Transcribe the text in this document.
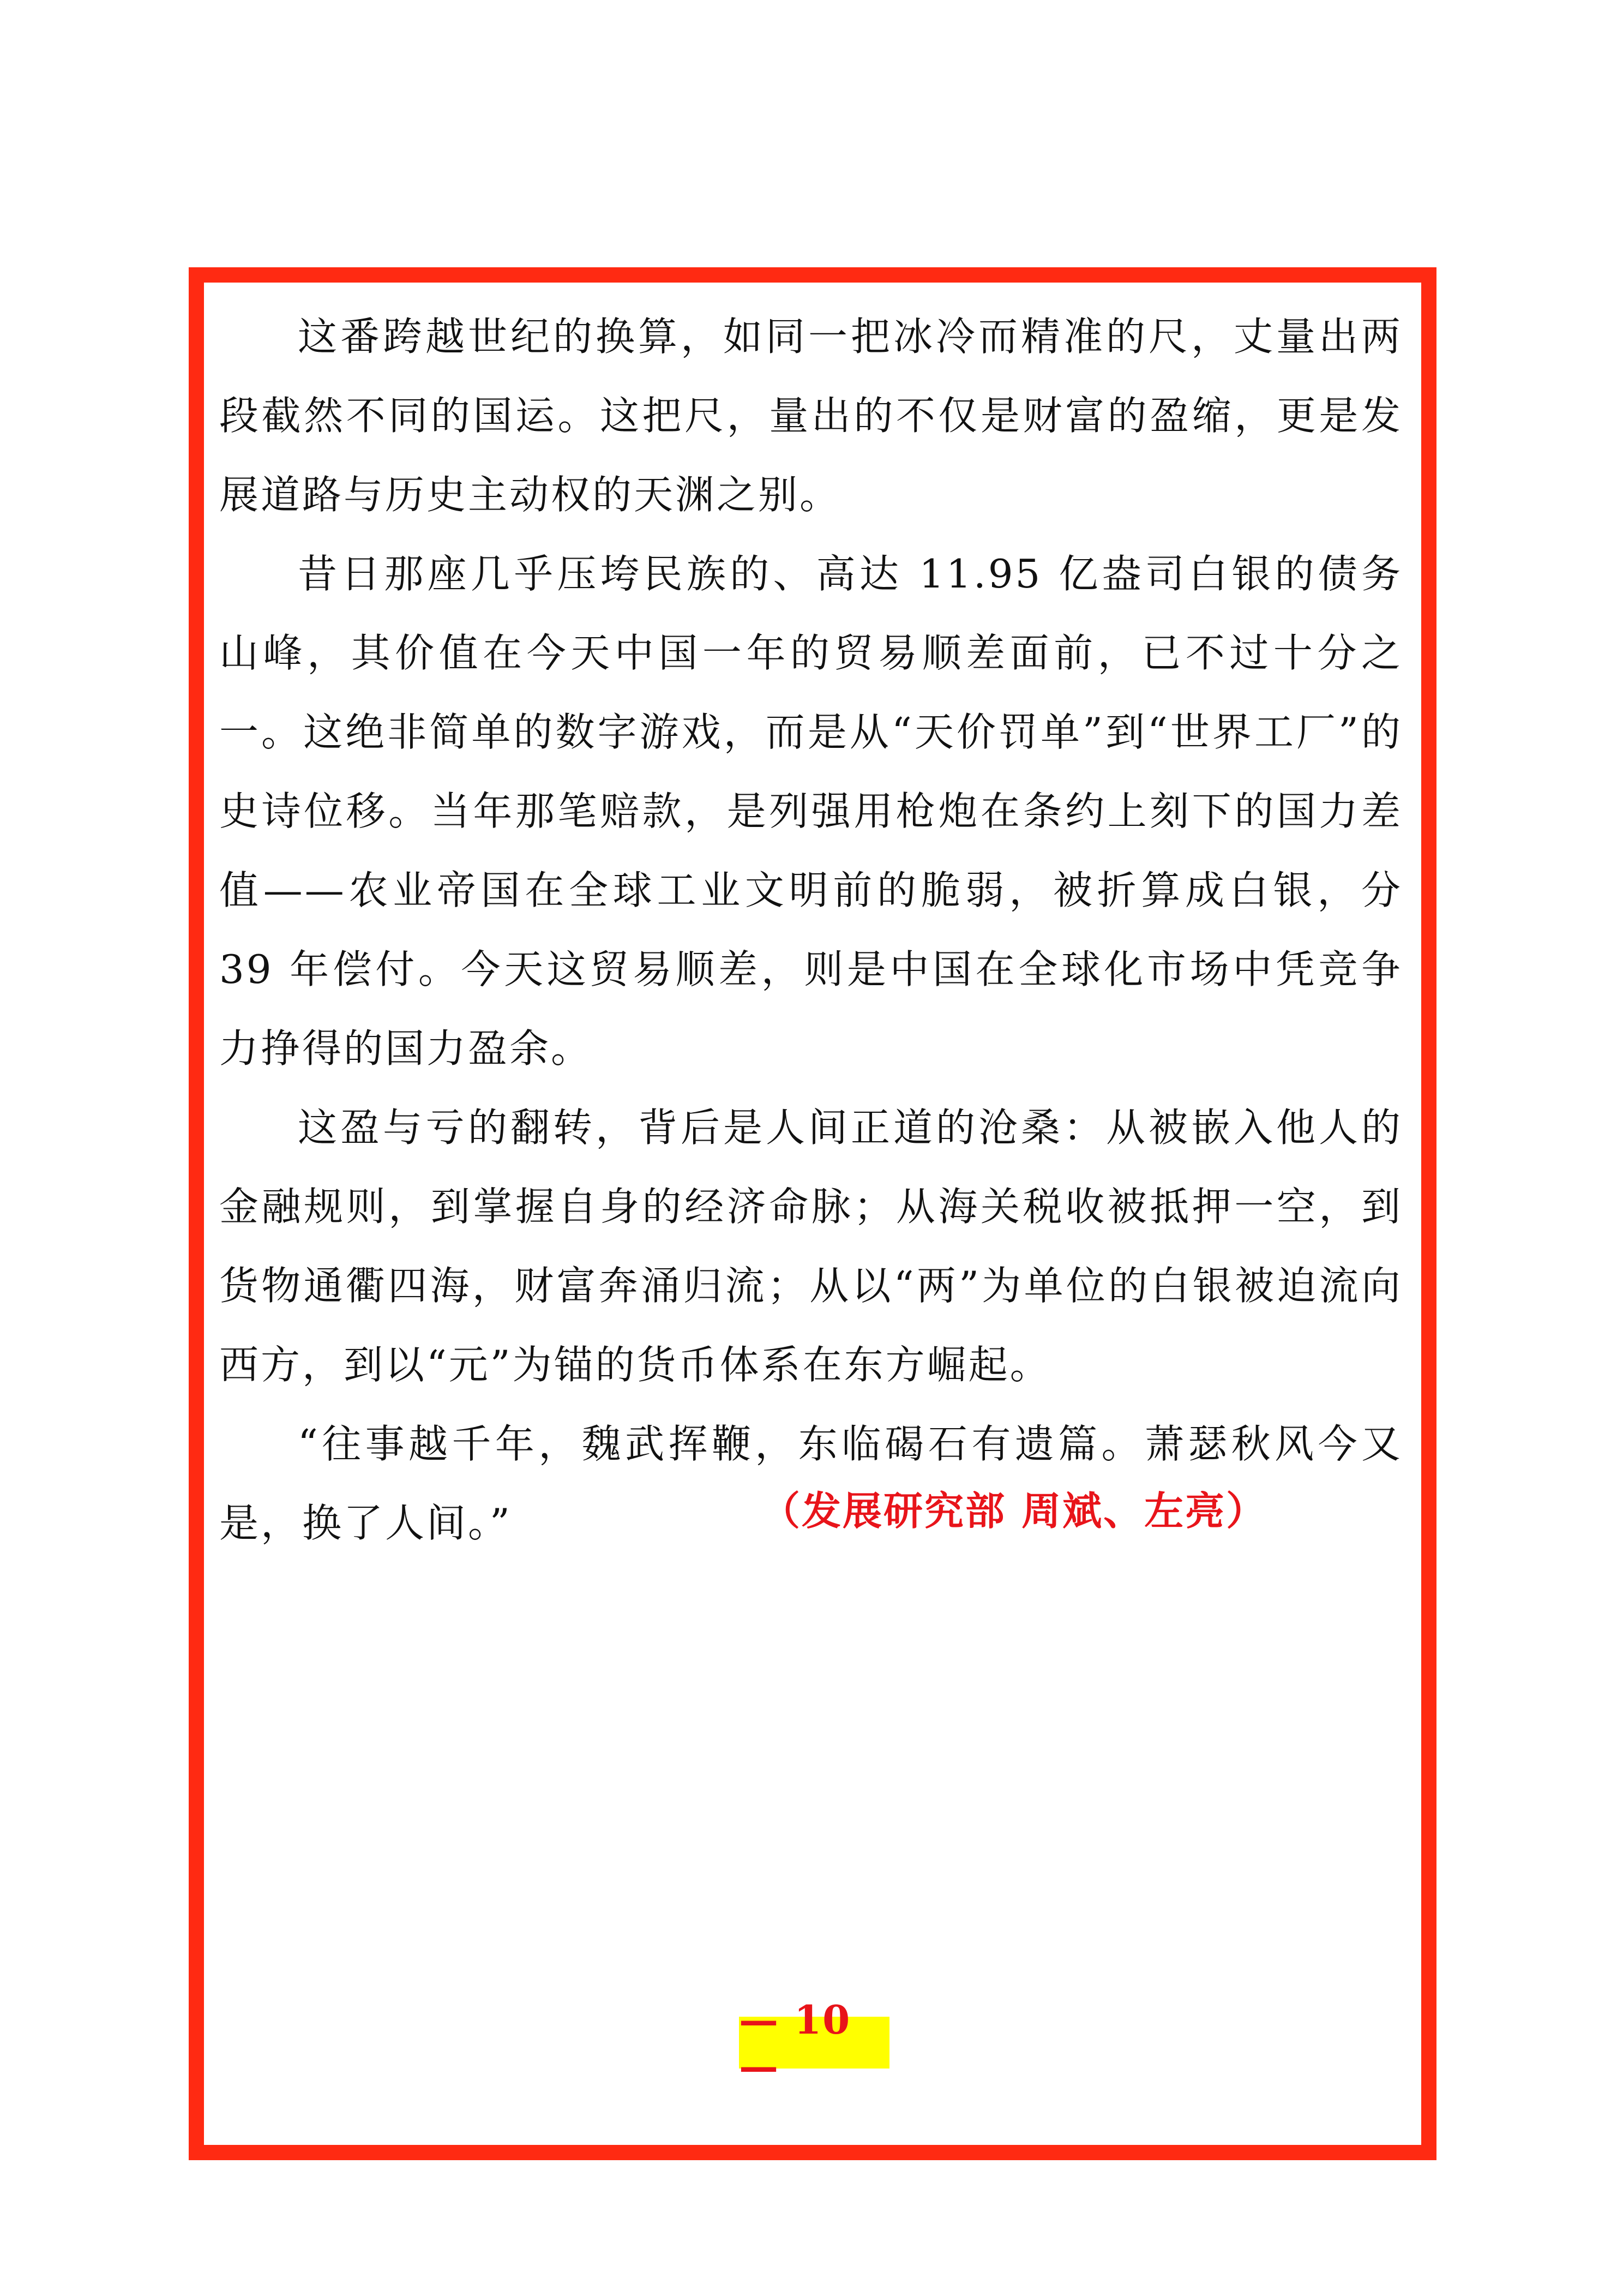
这番跨越世纪的换算，如同一把冰冷而精准的尺，丈量出两段截然不同的国运。这把尺，量出的不仅是财富的盈缩，更是发展道路与历史主动权的天渊之别。

昔日那座几乎压垮民族的、高达 11.95 亿盎司白银的债务山峰，其价值在今天中国一年的贸易顺差面前，已不过十分之一。这绝非简单的数字游戏，而是从“天价罚单”到“世界工厂”的史诗位移。当年那笔赔款，是列强用枪炮在条约上刻下的国力差值——农业帝国在全球工业文明前的脆弱，被折算成白银，分 39 年偿付。今天这贸易顺差，则是中国在全球化市场中凭竞争力挣得的国力盈余。

这盈与亏的翻转，背后是人间正道的沧桑：从被嵌入他人的金融规则，到掌握自身的经济命脉；从海关税收被抵押一空，到货物通衢四海，财富奔涌归流；从以“两”为单位的白银被迫流向西方，到以“元”为锚的货币体系在东方崛起。

“往事越千年，魏武挥鞭，东临碣石有遗篇。萧瑟秋风今又是，换了人间。”	（发展研究部 周斌、左亮）
— 10 —
